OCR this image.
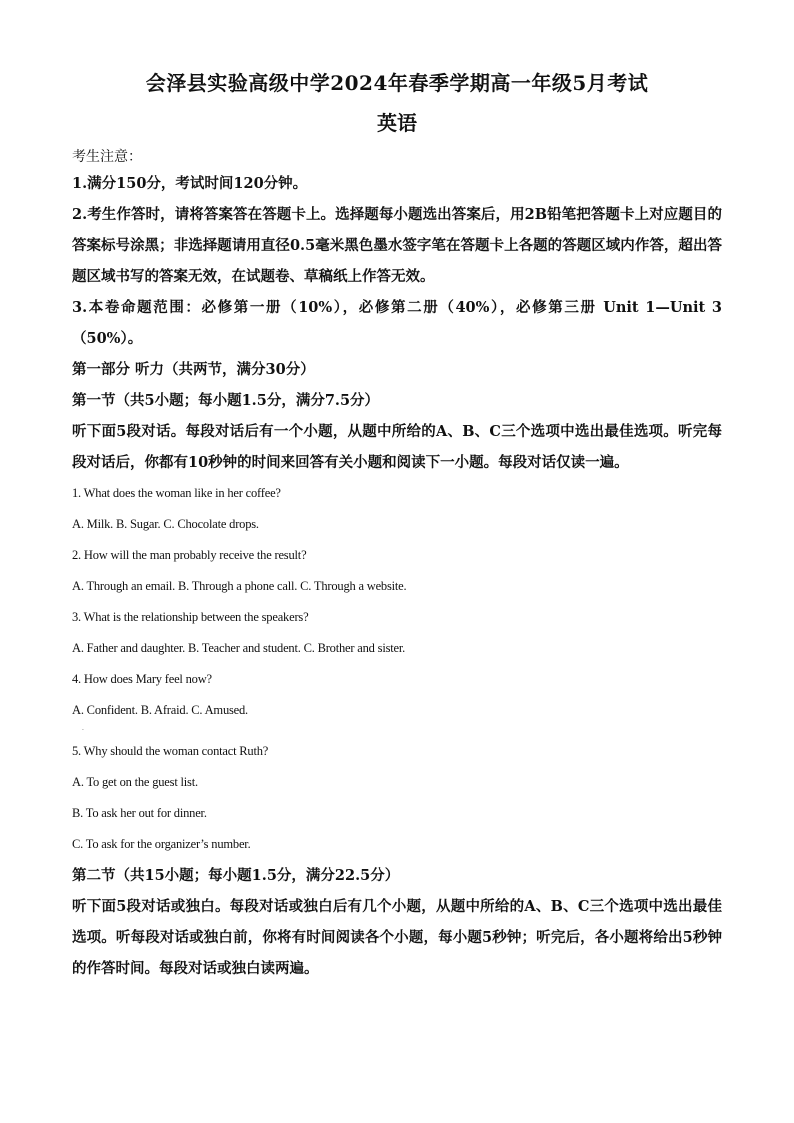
会泽县实验高级中学2024年春季学期高一年级5月考试
英语
考生注意：
1.满分150分，考试时间120分钟。
2.考生作答时，请将答案答在答题卡上。选择题每小题选出答案后，用2B铅笔把答题卡上对应题目的答案标号涂黑；非选择题请用直径0.5毫米黑色墨水签字笔在答题卡上各题的答题区域内作答，超出答题区域书写的答案无效，在试题卷、草稿纸上作答无效。
3.本卷命题范围：必修第一册（10%），必修第二册（40%），必修第三册 Unit 1—Unit 3（50%）。
第一部分 听力（共两节，满分30分）
第一节（共5小题；每小题1.5分，满分7.5分）
听下面5段对话。每段对话后有一个小题，从题中所给的A、B、C三个选项中选出最佳选项。听完每段对话后，你都有10秒钟的时间来回答有关小题和阅读下一小题。每段对话仅读一遍。
1. What does the woman like in her coffee?
A. Milk. B. Sugar. C. Chocolate drops.
2. How will the man probably receive the result?
A. Through an email. B. Through a phone call. C. Through a website.
3. What is the relationship between the speakers?
A. Father and daughter. B. Teacher and student. C. Brother and sister.
4. How does Mary feel now?
A. Confident. B. Afraid. C. Amused.
·
5. Why should the woman contact Ruth?
A. To get on the guest list.
B. To ask her out for dinner.
C. To ask for the organizer’s number.
第二节（共15小题；每小题1.5分，满分22.5分）
听下面5段对话或独白。每段对话或独白后有几个小题，从题中所给的A、B、C三个选项中选出最佳选项。听每段对话或独白前，你将有时间阅读各个小题，每小题5秒钟；听完后，各小题将给出5秒钟的作答时间。每段对话或独白读两遍。
